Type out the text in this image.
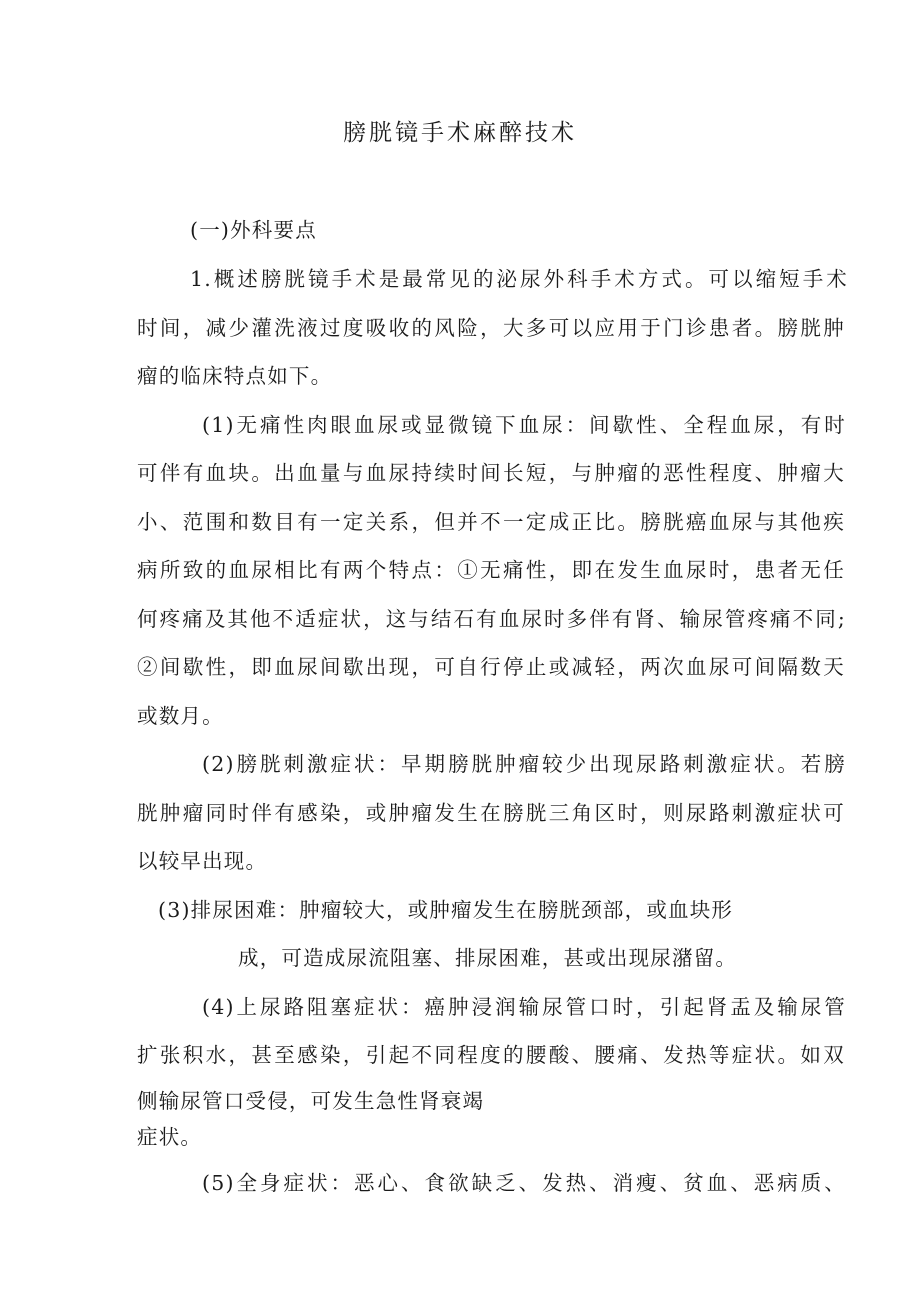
膀胱镜手术麻醉技术
(一)外科要点
1.概述膀胱镜手术是最常见的泌尿外科手术方式。可以缩短手术
时间，减少灌洗液过度吸收的风险，大多可以应用于门诊患者。膀胱肿
瘤的临床特点如下。
(1)无痛性肉眼血尿或显微镜下血尿：间歇性、全程血尿，有时
可伴有血块。出血量与血尿持续时间长短，与肿瘤的恶性程度、肿瘤大
小、范围和数目有一定关系，但并不一定成正比。膀胱癌血尿与其他疾
病所致的血尿相比有两个特点：①无痛性，即在发生血尿时，患者无任
何疼痛及其他不适症状，这与结石有血尿时多伴有肾、输尿管疼痛不同;
②间歇性，即血尿间歇出现，可自行停止或减轻，两次血尿可间隔数天
或数月。
(2)膀胱刺激症状：早期膀胱肿瘤较少出现尿路刺激症状。若膀
胱肿瘤同时伴有感染，或肿瘤发生在膀胱三角区时，则尿路刺激症状可
以较早出现。
(3)排尿困难：肿瘤较大，或肿瘤发生在膀胱颈部，或血块形
成，可造成尿流阻塞、排尿困难，甚或出现尿潴留。
(4)上尿路阻塞症状：癌肿浸润输尿管口时，引起肾盂及输尿管
扩张积水，甚至感染，引起不同程度的腰酸、腰痛、发热等症状。如双
侧输尿管口受侵，可发生急性肾衰竭
症状。
(5)全身症状：恶心、食欲缺乏、发热、消瘦、贫血、恶病质、
